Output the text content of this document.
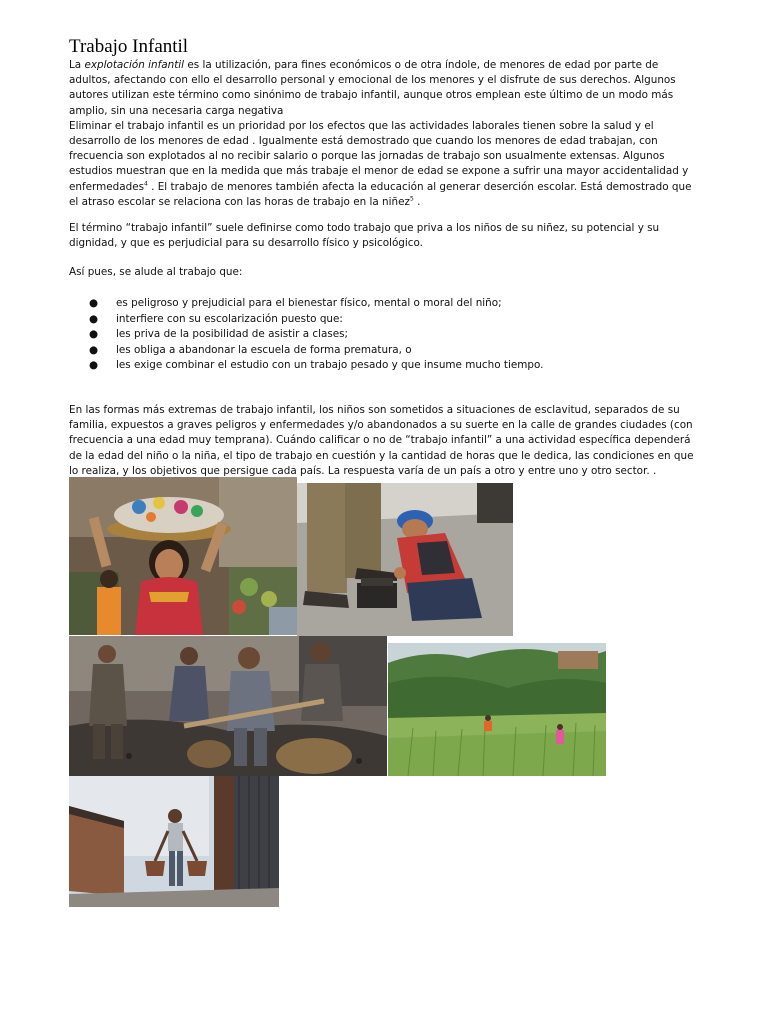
Trabajo Infantil

La explotación infantil es la utilización, para fines económicos o de otra índole, de menores de edad por parte de adultos, afectando con ello el desarrollo personal y emocional de los menores y el disfrute de sus derechos. Algunos autores utilizan este término como sinónimo de trabajo infantil, aunque otros emplean este último de un modo más amplio, sin una necesaria carga negativa
Eliminar el trabajo infantil es un prioridad por los efectos que las actividades laborales tienen sobre la salud y el desarrollo de los menores de edad . Igualmente está demostrado que cuando los menores de edad trabajan, con frecuencia son explotados al no recibir salario o porque las jornadas de trabajo son usualmente extensas. Algunos estudios muestran que en la medida que más trabaje el menor de edad se expone a sufrir una mayor accidentalidad y enfermedades$^4$ . El trabajo de menores también afecta la educación al generar deserción escolar. Está demostrado que el atraso escolar se relaciona con las horas de trabajo en la niñez$^5$ .

El término “trabajo infantil” suele definirse como todo trabajo que priva a los niños de su niñez, su potencial y su dignidad, y que es perjudicial para su desarrollo físico y psicológico.

Así pues, se alude al trabajo que:

● es peligroso y prejudicial para el bienestar físico, mental o moral del niño;
● interfiere con su escolarización puesto que:
● les priva de la posibilidad de asistir a clases;
● les obliga a abandonar la escuela de forma prematura, o
● les exige combinar el estudio con un trabajo pesado y que insume mucho tiempo.

En las formas más extremas de trabajo infantil, los niños son sometidos a situaciones de esclavitud, separados de su familia, expuestos a graves peligros y enfermedades y/o abandonados a su suerte en la calle de grandes ciudades (con frecuencia a una edad muy temprana). Cuándo calificar o no de “trabajo infantil” a una actividad específica dependerá de la edad del niño o la niña, el tipo de trabajo en cuestión y la cantidad de horas que le dedica, las condiciones en que lo realiza, y los objetivos que persigue cada país. La respuesta varía de un país a otro y entre uno y otro sector. .
